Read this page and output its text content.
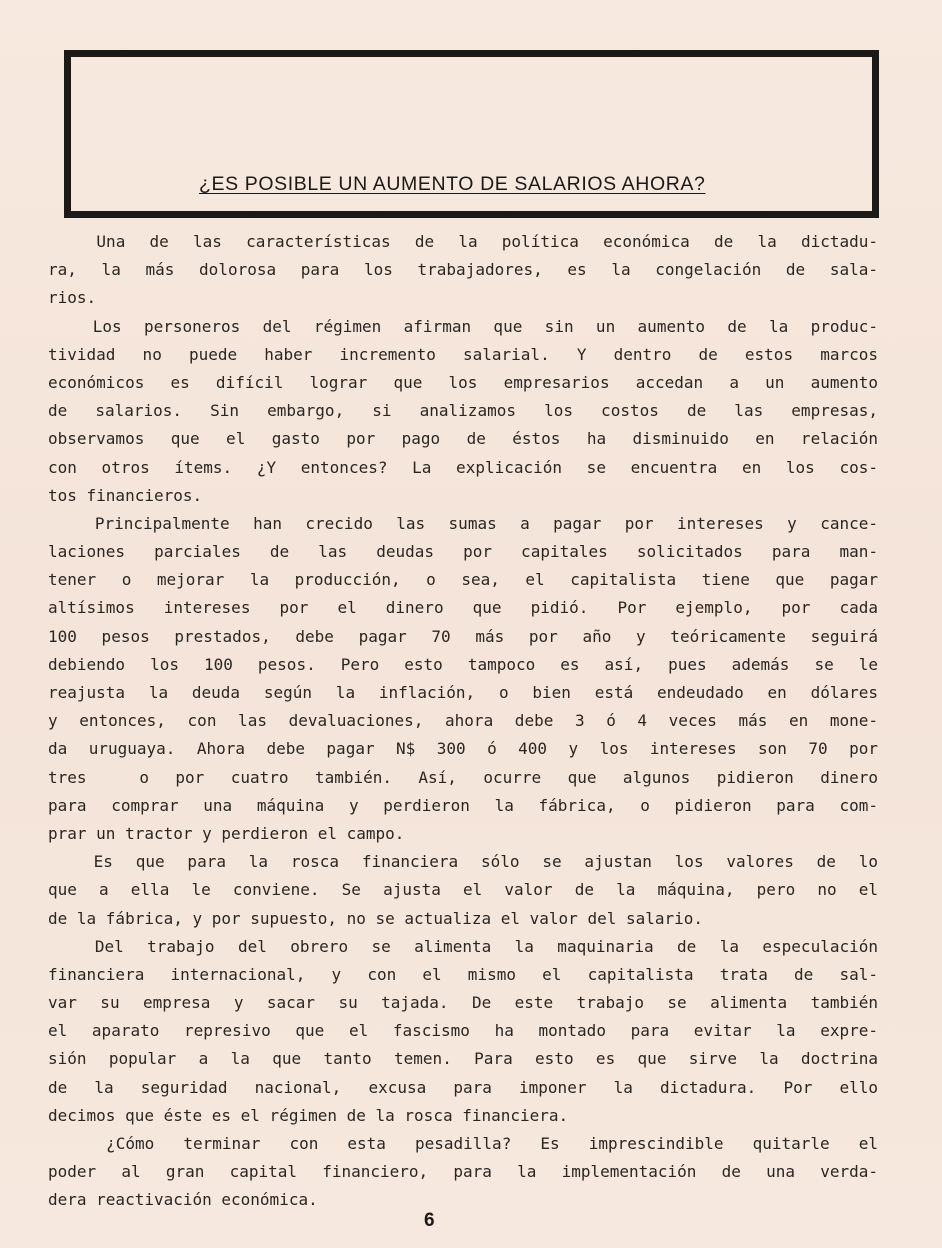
¿ES POSIBLE UN AUMENTO DE SALARIOS AHORA?
Una de las características de la política económica de la dictadu-
ra, la más dolorosa para los trabajadores, es la congelación de sala-
rios.
Los personeros del régimen afirman que sin un aumento de la produc-
tividad no puede haber incremento salarial. Y dentro de estos marcos
económicos es difícil lograr que los empresarios accedan a un aumento
de salarios. Sin embargo, si analizamos los costos de las empresas,
observamos que el gasto por pago de éstos ha disminuido en relación
con otros ítems. ¿Y entonces? La explicación se encuentra en los cos-
tos financieros.
Principalmente han crecido las sumas a pagar por intereses y cance-
laciones parciales de las deudas por capitales solicitados para man-
tener o mejorar la producción, o sea, el capitalista tiene que pagar
altísimos intereses por el dinero que pidió. Por ejemplo, por cada
100 pesos prestados, debe pagar 70 más por año y teóricamente seguirá
debiendo los 100 pesos. Pero esto tampoco es así, pues además se le
reajusta la deuda según la inflación, o bien está endeudado en dólares
y entonces, con las devaluaciones, ahora debe 3 ó 4 veces más en mone-
da uruguaya. Ahora debe pagar N$ 300 ó 400 y los intereses son 70 por
tres  o por cuatro también. Así, ocurre que algunos pidieron dinero
para comprar una máquina y perdieron la fábrica, o pidieron para com-
prar un tractor y perdieron el campo.
Es que para la rosca financiera sólo se ajustan los valores de lo
que a ella le conviene. Se ajusta el valor de la máquina, pero no el
de la fábrica, y por supuesto, no se actualiza el valor del salario.
Del trabajo del obrero se alimenta la maquinaria de la especulación
financiera internacional, y con el mismo el capitalista trata de sal-
var su empresa y sacar su tajada. De este trabajo se alimenta también
el aparato represivo que el fascismo ha montado para evitar la expre-
sión popular a la que tanto temen. Para esto es que sirve la doctrina
de la seguridad nacional, excusa para imponer la dictadura. Por ello
decimos que éste es el régimen de la rosca financiera.
¿Cómo terminar con esta pesadilla? Es imprescindible quitarle el
poder al gran capital financiero, para la implementación de una verda-
dera reactivación económica.
6
